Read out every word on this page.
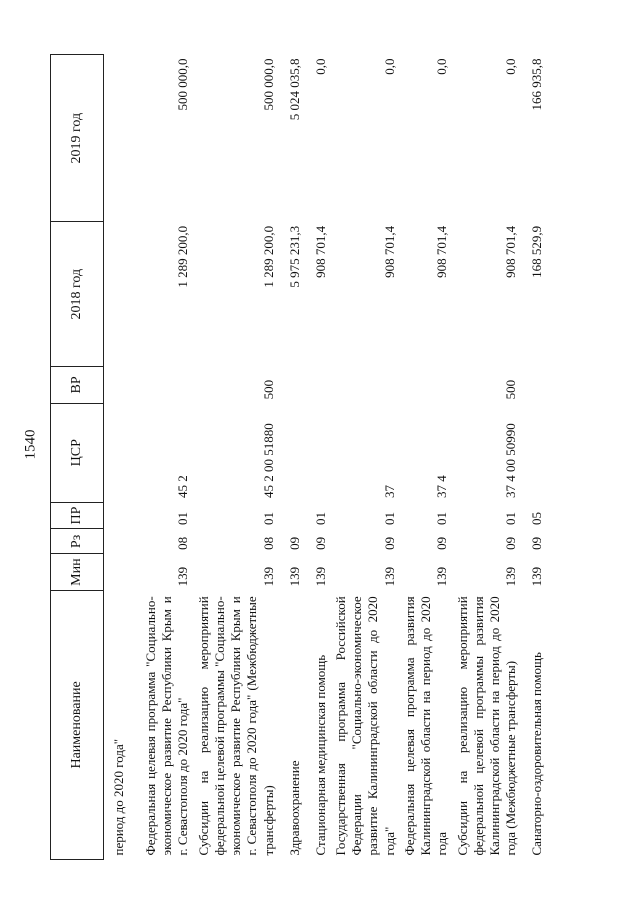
1540
Наименование	Мин	Рз	ПР	ЦСР	ВР	2018 год	2019 год
период до 2020 года"							
Федеральная целевая программа "Социально-экономическое развитие Республики Крым и г. Севастополя до 2020 года"	139	08	01	45 2		1 289 200,0	500 000,0
Субсидии на реализацию мероприятий федеральной целевой программы "Социально-экономическое развитие Республики Крым и г. Севастополя до 2020 года" (Межбюджетные трансферты)	139	08	01	45 2 00 51880	500	1 289 200,0	500 000,0
Здравоохранение	139	09				5 975 231,3	5 024 035,8
Стационарная медицинская помощь	139	09	01			908 701,4	0,0
Государственная программа Российской Федерации "Социально-экономическое развитие Калининградской области до 2020 года"	139	09	01	37		908 701,4	0,0
Федеральная целевая программа развития Калининградской области на период до 2020 года	139	09	01	37 4		908 701,4	0,0
Субсидии на реализацию мероприятий федеральной целевой программы развития Калининградской области на период до 2020 года (Межбюджетные трансферты)	139	09	01	37 4 00 50990	500	908 701,4	0,0
Санаторно-оздоровительная помощь	139	09	05			168 529,9	166 935,8
